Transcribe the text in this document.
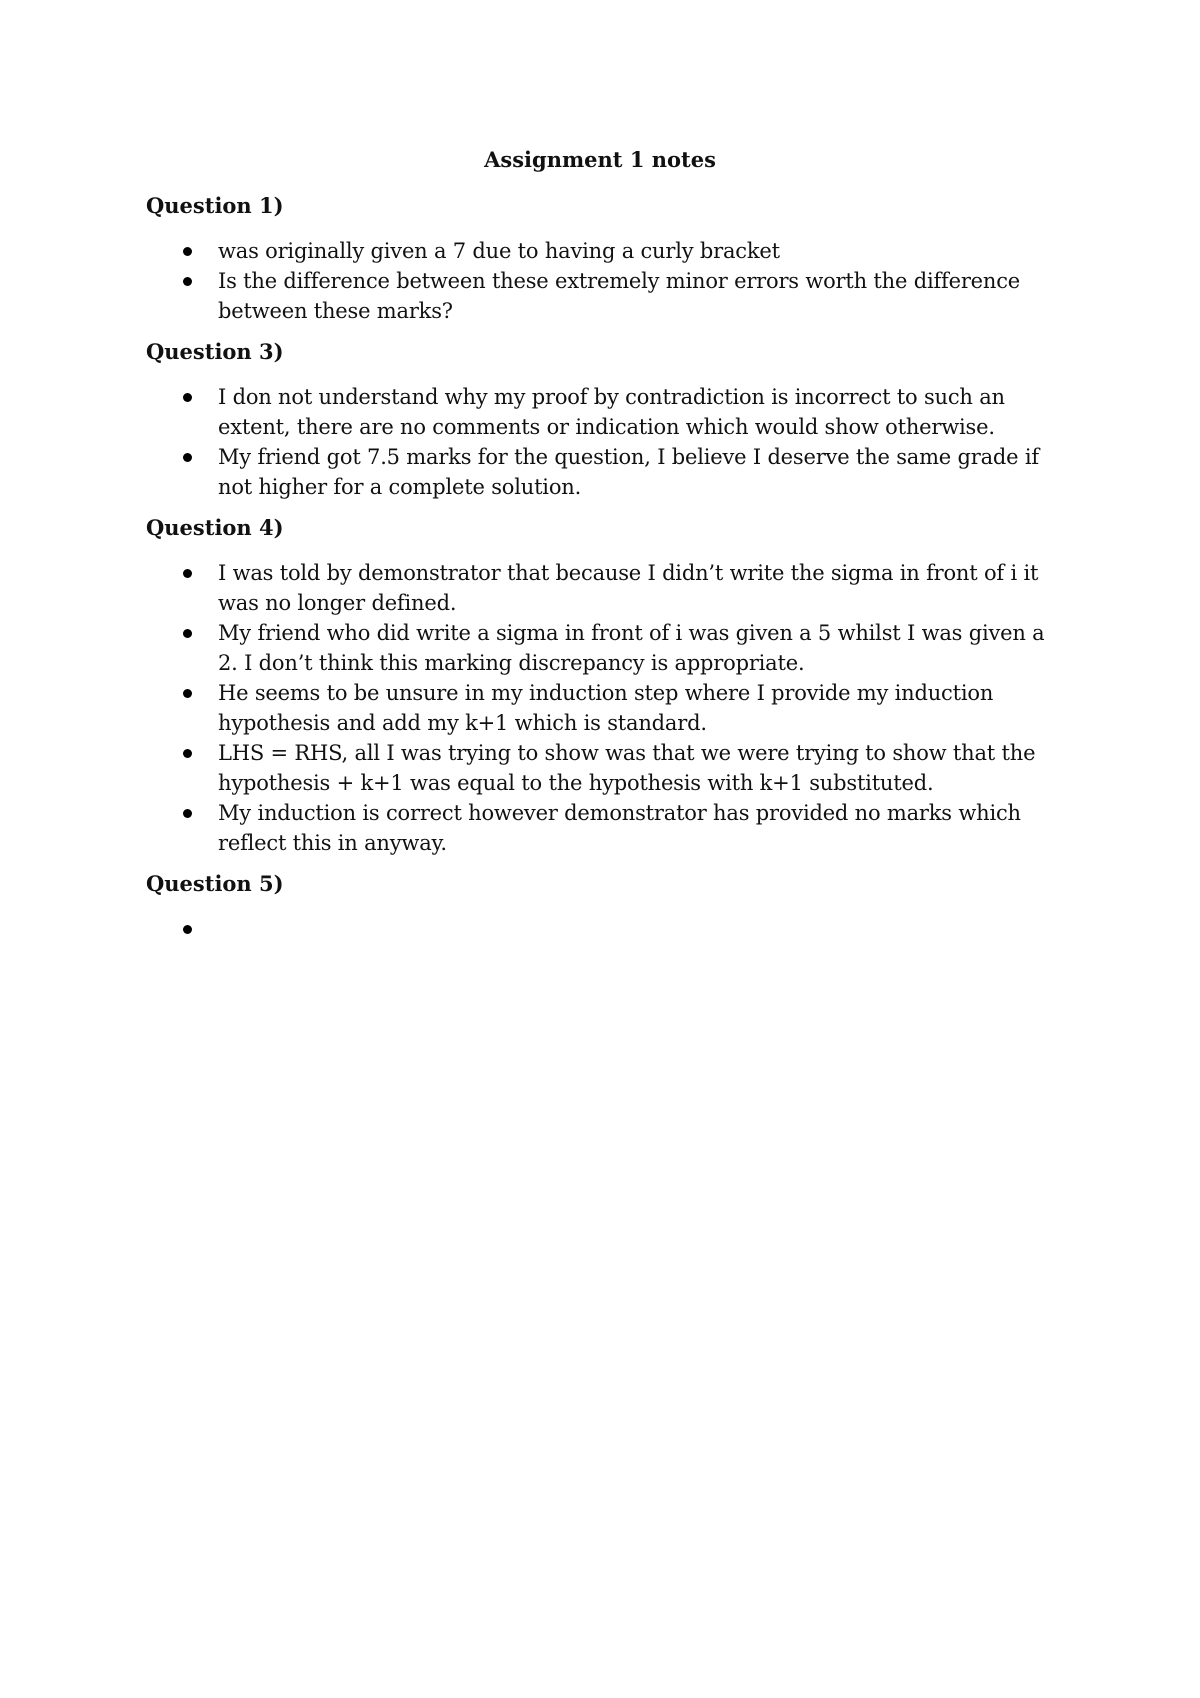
Assignment 1 notes
Question 1)
was originally given a 7 due to having a curly bracket
Is the difference between these extremely minor errors worth the difference between these marks?
Question 3)
I don not understand why my proof by contradiction is incorrect to such an extent, there are no comments or indication which would show otherwise.
My friend got 7.5 marks for the question, I believe I deserve the same grade if not higher for a complete solution.
Question 4)
I was told by demonstrator that because I didn’t write the sigma in front of i it was no longer defined.
My friend who did write a sigma in front of i was given a 5 whilst I was given a 2. I don’t think this marking discrepancy is appropriate.
He seems to be unsure in my induction step where I provide my induction hypothesis and add my k+1 which is standard.
LHS = RHS, all I was trying to show was that we were trying to show that the hypothesis + k+1 was equal to the hypothesis with k+1 substituted.
My induction is correct however demonstrator has provided no marks which reflect this in anyway.
Question 5)
